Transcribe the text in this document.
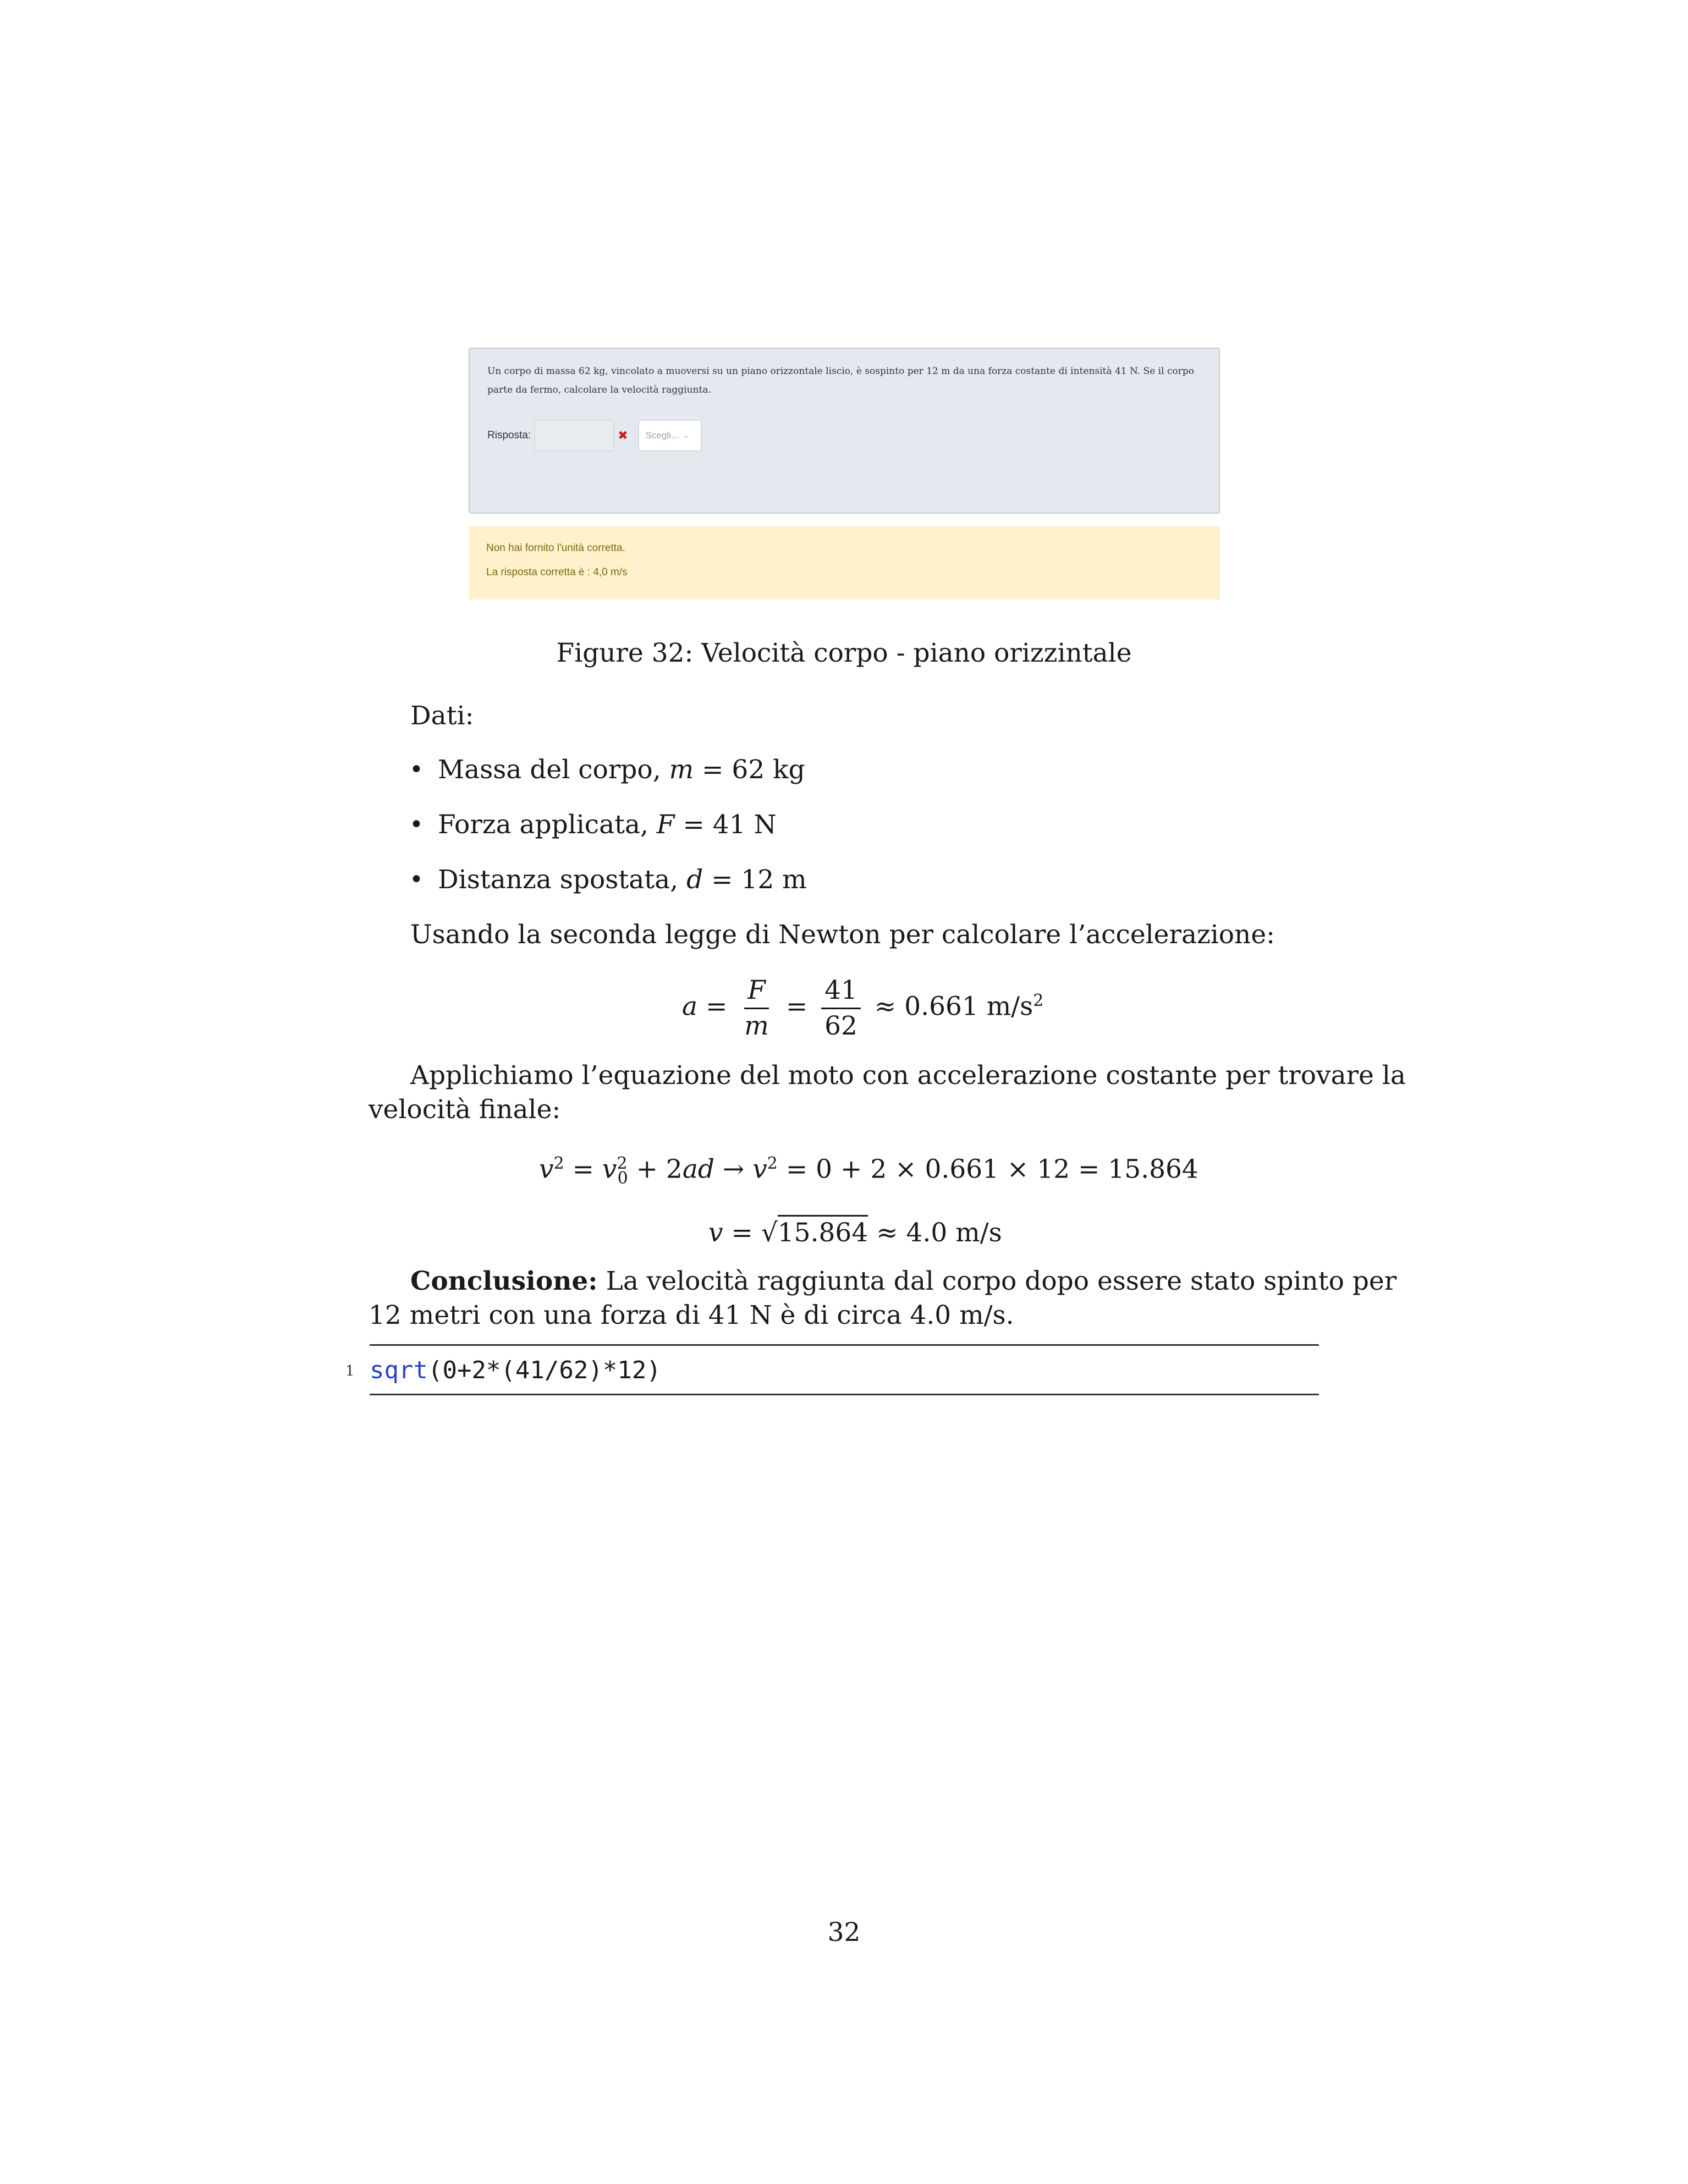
Un corpo di massa 62 kg, vincolato a muoversi su un piano orizzontale liscio, è sospinto per 12 m da una forza costante di intensità 41 N. Se il corpo parte da fermo, calcolare la velocità raggiunta.
Risposta:	✖ Scegli... ⌄
Non hai fornito l'unità corretta.
La risposta corretta è : 4,0 m/s
Figure 32: Velocità corpo - piano orizzintale
Dati:
• Massa del corpo, m = 62 kg
• Forza applicata, F = 41 N
• Distanza spostata, d = 12 m
Usando la seconda legge di Newton per calcolare l’accelerazione:
$a = \frac{F}{m} = \frac{41}{62} \approx 0.661$ $m/s^2$
Applichiamo l’equazione del moto con accelerazione costante per trovare la
velocità finale:
$v^2 = v^2_0 + 2ad \to v^2 = 0 + 2 \times 0.661 \times 12 = 15.864$
v = √15.864 ≈ 4.0 m/s
Conclusione: La velocità raggiunta dal corpo dopo essere stato spinto per
12 metri con una forza di 41 N è di circa 4.0 m/s.
1 sqrt(0+2*(41/62)*12)
32
